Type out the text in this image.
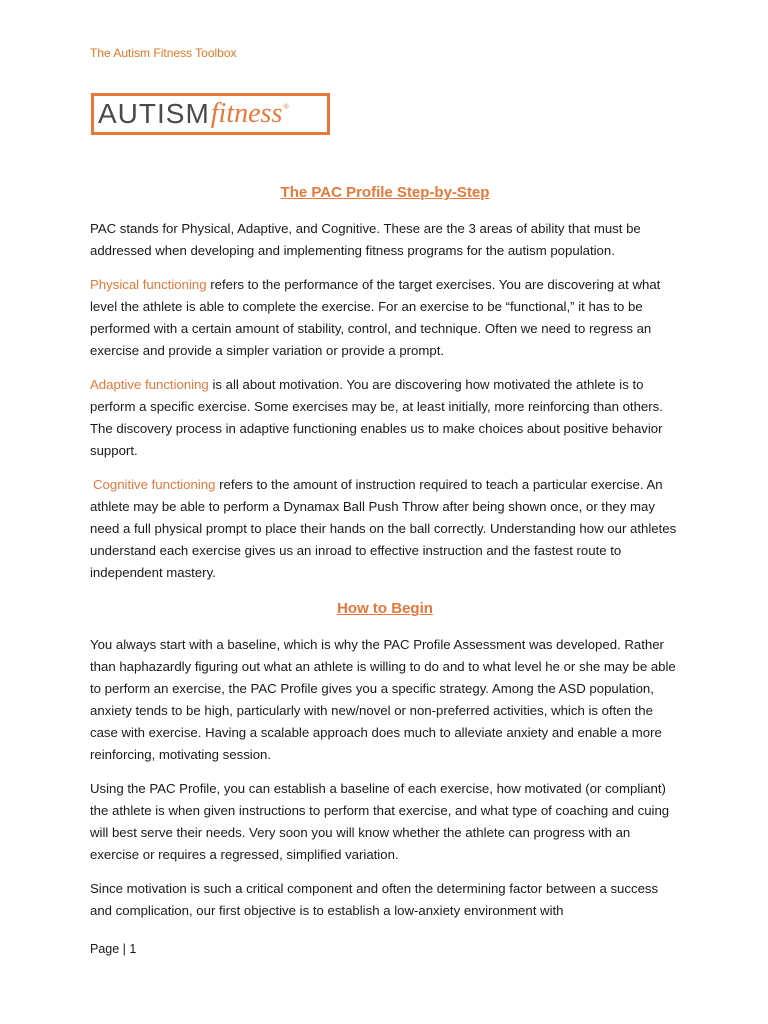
The Autism Fitness Toolbox
AUTISM fitness ®
The PAC Profile Step-by-Step

PAC stands for Physical, Adaptive, and Cognitive. These are the 3 areas of ability that must be addressed when developing and implementing fitness programs for the autism population.

Physical functioning refers to the performance of the target exercises. You are discovering at what level the athlete is able to complete the exercise. For an exercise to be “functional,” it has to be performed with a certain amount of stability, control, and technique. Often we need to regress an exercise and provide a simpler variation or provide a prompt.

Adaptive functioning is all about motivation. You are discovering how motivated the athlete is to perform a specific exercise. Some exercises may be, at least initially, more reinforcing than others. The discovery process in adaptive functioning enables us to make choices about positive behavior support.

Cognitive functioning refers to the amount of instruction required to teach a particular exercise. An athlete may be able to perform a Dynamax Ball Push Throw after being shown once, or they may need a full physical prompt to place their hands on the ball correctly. Understanding how our athletes understand each exercise gives us an inroad to effective instruction and the fastest route to independent mastery.

How to Begin

You always start with a baseline, which is why the PAC Profile Assessment was developed. Rather than haphazardly figuring out what an athlete is willing to do and to what level he or she may be able to perform an exercise, the PAC Profile gives you a specific strategy. Among the ASD population, anxiety tends to be high, particularly with new/novel or non-preferred activities, which is often the case with exercise. Having a scalable approach does much to alleviate anxiety and enable a more reinforcing, motivating session.

Using the PAC Profile, you can establish a baseline of each exercise, how motivated (or compliant) the athlete is when given instructions to perform that exercise, and what type of coaching and cuing will best serve their needs. Very soon you will know whether the athlete can progress with an exercise or requires a regressed, simplified variation.

Since motivation is such a critical component and often the determining factor between a success and complication, our first objective is to establish a low-anxiety environment with

Page | 1
